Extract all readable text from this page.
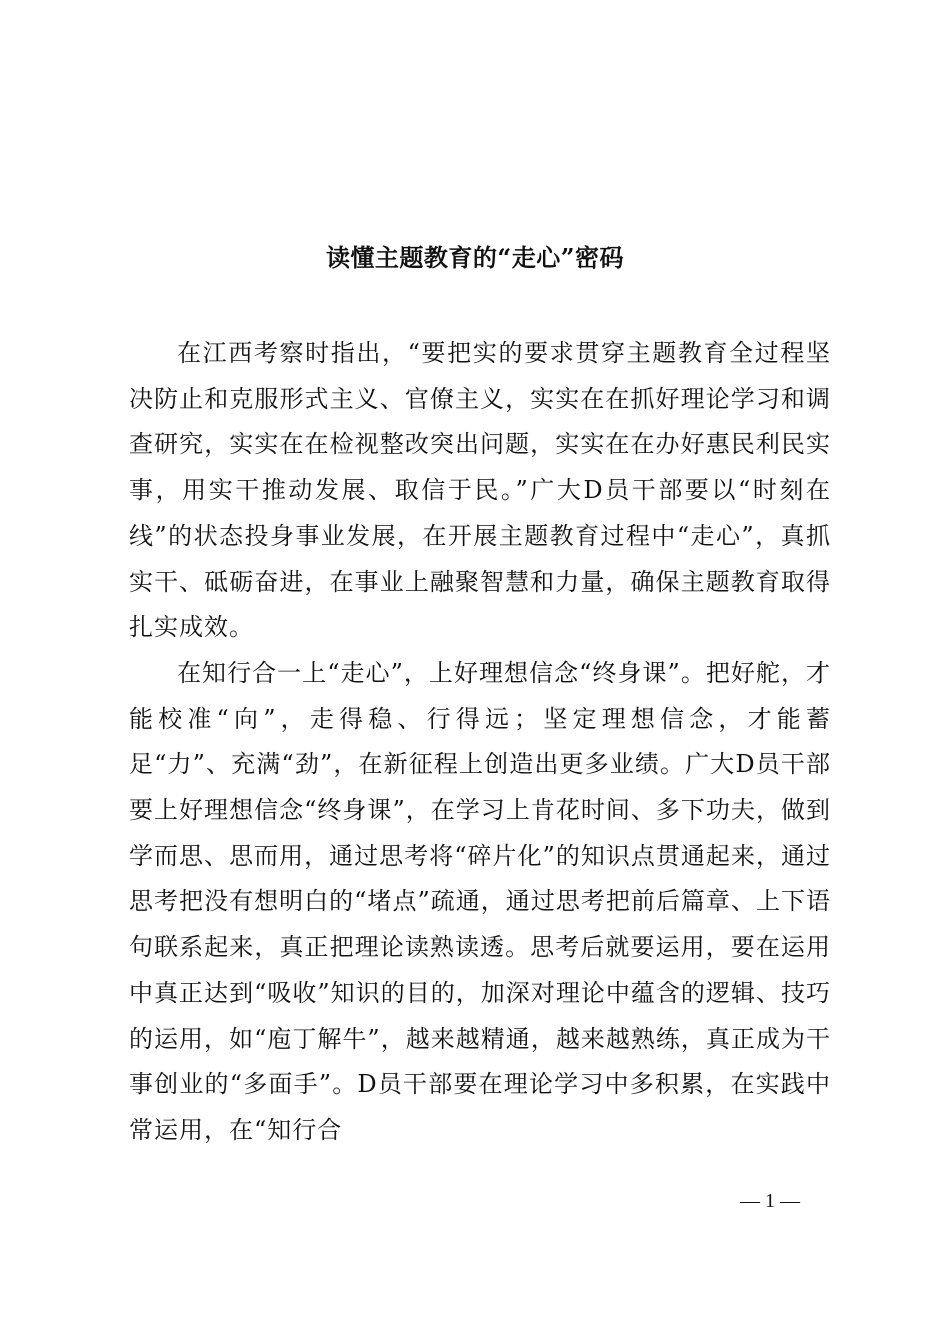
读懂主题教育的“走心”密码

在江西考察时指出，“要把实的要求贯穿主题教育全过程坚决防止和克服形式主义、官僚主义，实实在在抓好理论学习和调查研究，实实在在检视整改突出问题，实实在在办好惠民利民实事，用实干推动发展、取信于民。”广大D员干部要以“时刻在线”的状态投身事业发展，在开展主题教育过程中“走心”，真抓实干、砥砺奋进，在事业上融聚智慧和力量，确保主题教育取得扎实成效。

在知行合一上“走心”，上好理想信念“终身课”。把好舵，才能校准“向”，走得稳、行得远；坚定理想信念，才能蓄足“力”、充满“劲”，在新征程上创造出更多业绩。广大D员干部要上好理想信念“终身课”，在学习上肯花时间、多下功夫，做到学而思、思而用，通过思考将“碎片化”的知识点贯通起来，通过思考把没有想明白的“堵点”疏通，通过思考把前后篇章、上下语句联系起来，真正把理论读熟读透。思考后就要运用，要在运用中真正达到“吸收”知识的目的，加深对理论中蕴含的逻辑、技巧的运用，如“庖丁解牛”，越来越精通，越来越熟练，真正成为干事创业的“多面手”。D员干部要在理论学习中多积累，在实践中常运用，在“知行合

— 1 —
